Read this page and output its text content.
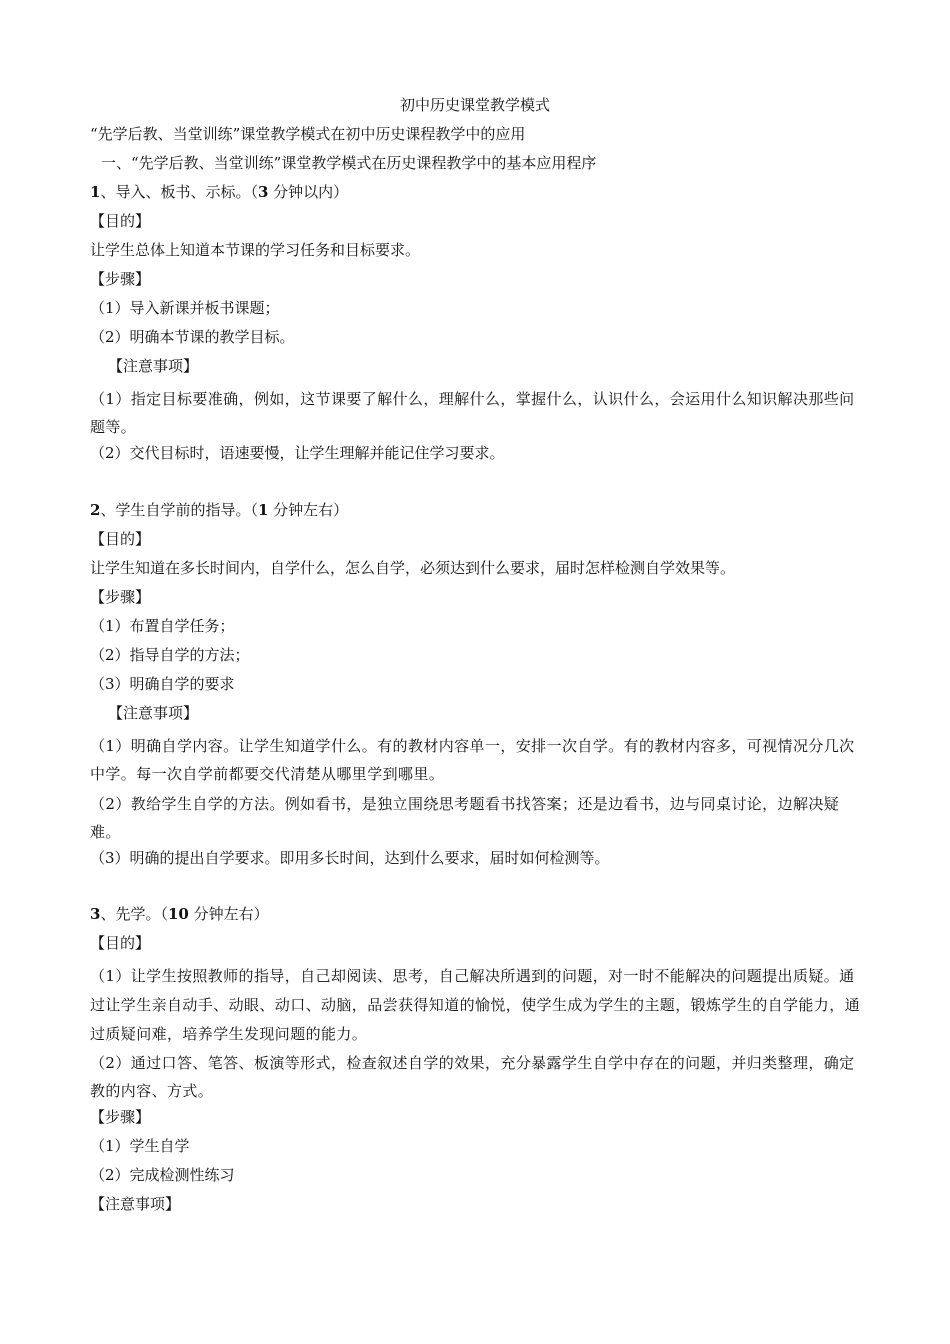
初中历史课堂教学模式
“先学后教、当堂训练”课堂教学模式在初中历史课程教学中的应用
一、“先学后教、当堂训练”课堂教学模式在历史课程教学中的基本应用程序
1、导入、板书、示标。（3 分钟以内）
【目的】
让学生总体上知道本节课的学习任务和目标要求。
【步骤】
（1）导入新课并板书课题；
（2）明确本节课的教学目标。
【注意事项】
（1）指定目标要准确，例如，这节课要了解什么，理解什么，掌握什么，认识什么，会运用什么知识解决那些问题等。
（2）交代目标时，语速要慢，让学生理解并能记住学习要求。
2、学生自学前的指导。（1 分钟左右）
【目的】
让学生知道在多长时间内，自学什么，怎么自学，必须达到什么要求，届时怎样检测自学效果等。
【步骤】
（1）布置自学任务；
（2）指导自学的方法；
（3）明确自学的要求
【注意事项】
（1）明确自学内容。让学生知道学什么。有的教材内容单一，安排一次自学。有的教材内容多，可视情况分几次中学。每一次自学前都要交代清楚从哪里学到哪里。
（2）教给学生自学的方法。例如看书，是独立围绕思考题看书找答案；还是边看书，边与同桌讨论，边解决疑难。
（3）明确的提出自学要求。即用多长时间，达到什么要求，届时如何检测等。
3、先学。（10 分钟左右）
【目的】
（1）让学生按照教师的指导，自己却阅读、思考，自己解决所遇到的问题，对一时不能解决的问题提出质疑。通过让学生亲自动手、动眼、动口、动脑，品尝获得知道的愉悦，使学生成为学生的主题，锻炼学生的自学能力，通过质疑问难，培养学生发现问题的能力。
（2）通过口答、笔答、板演等形式，检查叙述自学的效果，充分暴露学生自学中存在的问题，并归类整理，确定教的内容、方式。
【步骤】
（1）学生自学
（2）完成检测性练习
【注意事项】
